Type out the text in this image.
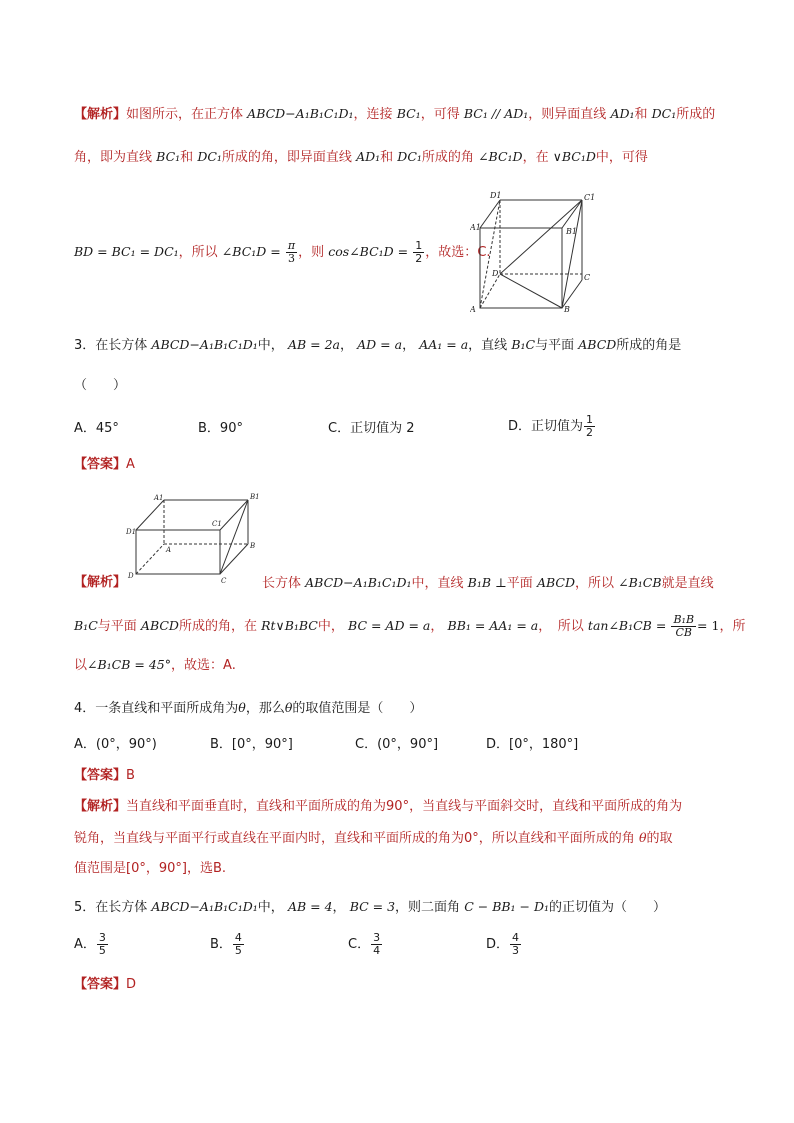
【解析】如图所示，在正方体 ABCD−A₁B₁C₁D₁，连接 BC₁，可得 BC₁ // AD₁，则异面直线 AD₁和 DC₁所成的
角，即为直线 BC₁和 DC₁所成的角，即异面直线 AD₁和 DC₁所成的角 ∠BC₁D，在 ∨BC₁D中，可得
BD = BC₁ = DC₁，所以 ∠BC₁D = $\frac{\pi}{3}$ ，则 cos∠BC₁D = $\frac{1}{2}$ ，故选：C.
D1	C1
A1	B1
D	C
A	B
3．在长方体 ABCD−A₁B₁C₁D₁中， AB = 2a， AD = a， AA₁ = a，直线 B₁C与平面 ABCD所成的角是
（　　）
A．45°	B．90°	C．正切值为 2	D．正切值为 $\frac{1}{2}$
【答案】A
A1	B1
D1
C1
A	B
D
C
【解析】	长方体 ABCD−A₁B₁C₁D₁中，直线 B₁B ⊥平面 ABCD，所以 ∠B₁CB就是直线
B₁C与平面 ABCD所成的角，在 Rt∨B₁BC中， BC = AD = a， BB₁ = AA₁ = a，　所以 tan∠B₁CB = $\frac{\text{B₁B}}{CB} = 1$，所
以∠B₁CB = 45°，故选：A.
4．一条直线和平面所成角为θ，那么θ的取值范围是（　　）
A．(0°，90°)	B．[0°，90°]	C．(0°，90°]	D．[0°，180°]
【答案】B
【解析】当直线和平面垂直时，直线和平面所成的角为90°，当直线与平面斜交时，直线和平面所成的角为
锐角，当直线与平面平行或直线在平面内时，直线和平面所成的角为0°，所以直线和平面所成的角 θ的取
值范围是[0°，90°]，选B.
5．在长方体 ABCD−A₁B₁C₁D₁中， AB = 4， BC = 3，则二面角 C − BB₁ − D₁的正切值为（　　）
A． $\frac{3}{5}$	B． $\frac{4}{5}$	C． $\frac{3}{4}$	D． $\frac{4}{3}$
【答案】D
